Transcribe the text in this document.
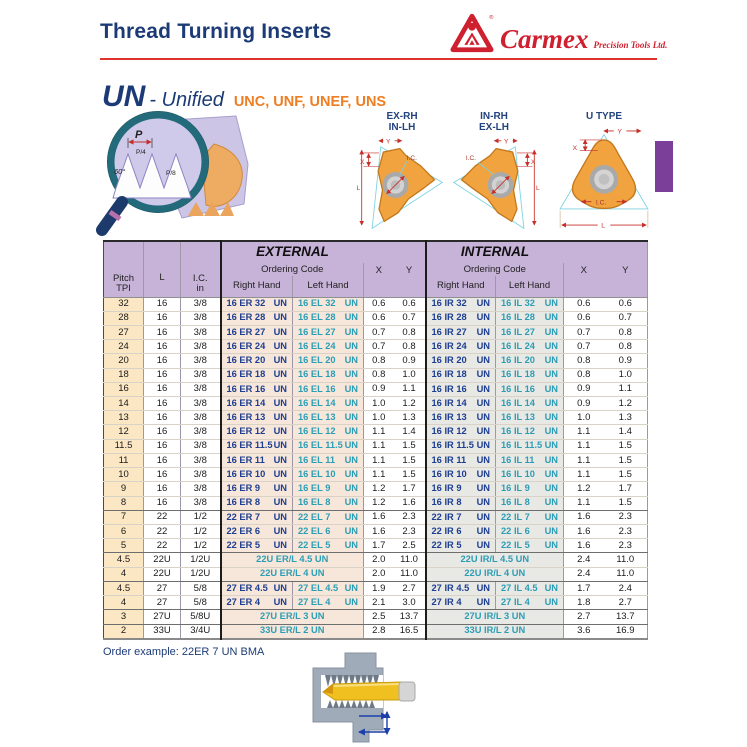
Thread Turning Inserts
®
Carmex Precision Tools Ltd.
UN - Unified UNC, UNF, UNEF, UNS
P
P/4
60°	P/8
EX-RH
IN-LH
Y
X
L
I.C.
IN-RH
EX-LH
Y
X
L
I.C.
U TYPE
X
Y
I.C.
L
Pitch
TPI
	L	I.C.
in
	EXTERNAL		INTERNAL	
			Ordering Code		X	Y	Ordering Code		X	Y
			Right Hand	Left Hand			Right Hand	Left Hand		
32	16	3/8	16 ER 32 UN	16 EL 32 UN	0.6	0.6	16 IR 32 UN	16 IL 32 UN	0.6	0.6
28	16	3/8	16 ER 28 UN	16 EL 28 UN	0.6	0.7	16 IR 28 UN	16 IL 28 UN	0.6	0.7
27	16	3/8	16 ER 27 UN	16 EL 27 UN	0.7	0.8	16 IR 27 UN	16 IL 27 UN	0.7	0.8
24	16	3/8	16 ER 24 UN	16 EL 24 UN	0.7	0.8	16 IR 24 UN	16 IL 24 UN	0.7	0.8
20	16	3/8	16 ER 20 UN	16 EL 20 UN	0.8	0.9	16 IR 20 UN	16 IL 20 UN	0.8	0.9
18	16	3/8	16 ER 18 UN	16 EL 18 UN	0.8	1.0	16 IR 18 UN	16 IL 18 UN	0.8	1.0
16	16	3/8	16 ER 16 UN	16 EL 16 UN	0.9	1.1	16 IR 16 UN	16 IL 16 UN	0.9	1.1
14	16	3/8	16 ER 14 UN	16 EL 14 UN	1.0	1.2	16 IR 14 UN	16 IL 14 UN	0.9	1.2
13	16	3/8	16 ER 13 UN	16 EL 13 UN	1.0	1.3	16 IR 13 UN	16 IL 13 UN	1.0	1.3
12	16	3/8	16 ER 12 UN	16 EL 12 UN	1.1	1.4	16 IR 12 UN	16 IL 12 UN	1.1	1.4
11.5	16	3/8	16 ER 11.5 UN	16 EL 11.5 UN	1.1	1.5	16 IR 11.5 UN	16 IL 11.5 UN	1.1	1.5
11	16	3/8	16 ER 11 UN	16 EL 11 UN	1.1	1.5	16 IR 11 UN	16 IL 11 UN	1.1	1.5
10	16	3/8	16 ER 10 UN	16 EL 10 UN	1.1	1.5	16 IR 10 UN	16 IL 10 UN	1.1	1.5
9	16	3/8	16 ER 9 UN	16 EL 9 UN	1.2	1.7	16 IR 9 UN	16 IL 9 UN	1.2	1.7
8	16	3/8	16 ER 8 UN	16 EL 8 UN	1.2	1.6	16 IR 8 UN	16 IL 8 UN	1.1	1.5
7	22	1/2	22 ER 7 UN	22 EL 7 UN	1.6	2.3	22 IR 7 UN	22 IL 7 UN	1.6	2.3
6	22	1/2	22 ER 6 UN	22 EL 6 UN	1.6	2.3	22 IR 6 UN	22 IL 6 UN	1.6	2.3
5	22	1/2	22 ER 5 UN	22 EL 5 UN	1.7	2.5	22 IR 5 UN	22 IL 5 UN	1.6	2.3
4.5	22U	1/2U	22U ER/L 4.5 UN		2.0	11.0	22U IR/L 4.5 UN		2.4	11.0
4	22U	1/2U	22U ER/L 4 UN		2.0	11.0	22U IR/L 4 UN		2.4	11.0
4.5	27	5/8	27 ER 4.5 UN	27 EL 4.5 UN	1.9	2.7	27 IR 4.5 UN	27 IL 4.5 UN	1.7	2.4
4	27	5/8	27 ER 4 UN	27 EL 4 UN	2.1	3.0	27 IR 4 UN	27 IL 4 UN	1.8	2.7
3	27U	5/8U	27U ER/L 3 UN		2.5	13.7	27U IR/L 3 UN		2.7	13.7
2	33U	3/4U	33U ER/L 2 UN		2.8	16.5	33U IR/L 2 UN		3.6	16.9
Order example: 22ER 7 UN BMA
